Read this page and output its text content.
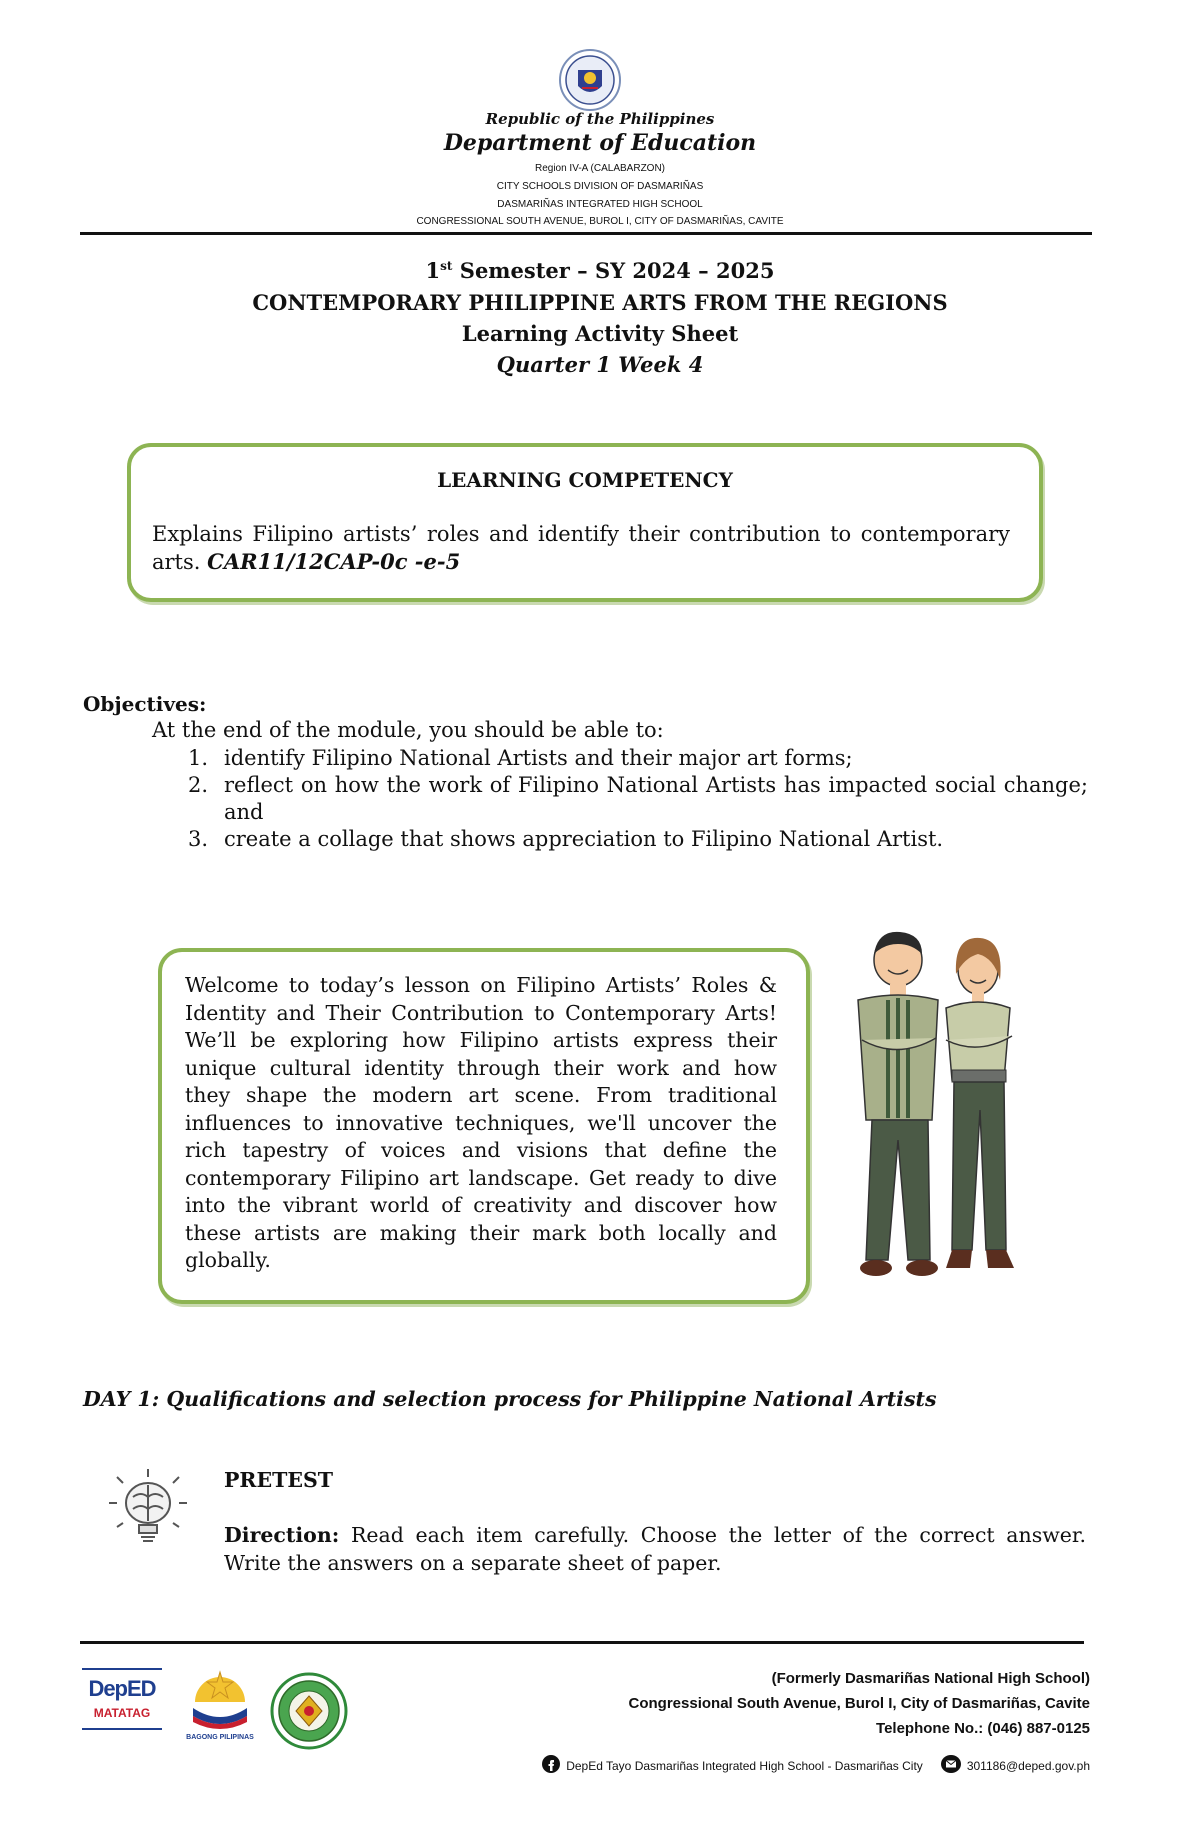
Republic of the Philippines
Department of Education
Region IV-A (CALABARZON)
CITY SCHOOLS DIVISION OF DASMARIÑAS
DASMARIÑAS INTEGRATED HIGH SCHOOL
CONGRESSIONAL SOUTH AVENUE, BUROL I, CITY OF DASMARIÑAS, CAVITE
1st Semester – SY 2024 – 2025
CONTEMPORARY PHILIPPINE ARTS FROM THE REGIONS
Learning Activity Sheet
Quarter 1 Week 4
LEARNING COMPETENCY
Explains Filipino artists’ roles and identify their contribution to contemporary arts. CAR11/12CAP-0c -e-5
Objectives:
At the end of the module, you should be able to:
1. identify Filipino National Artists and their major art forms;
2. reflect on how the work of Filipino National Artists has impacted social change; and
3. create a collage that shows appreciation to Filipino National Artist.
Welcome to today’s lesson on Filipino Artists’ Roles & Identity and Their Contribution to Contemporary Arts! We’ll be exploring how Filipino artists express their unique cultural identity through their work and how they shape the modern art scene. From traditional influences to innovative techniques, we'll uncover the rich tapestry of voices and visions that define the contemporary Filipino art landscape. Get ready to dive into the vibrant world of creativity and discover how these artists are making their mark both locally and globally.
DAY 1: Qualifications and selection process for Philippine National Artists
PRETEST
Direction: Read each item carefully. Choose the letter of the correct answer. Write the answers on a separate sheet of paper.
DepED
MATATAG
BAGONG PILIPINAS
(Formerly Dasmariñas National High School)
Congressional South Avenue, Burol I, City of Dasmariñas, Cavite
Telephone No.: (046) 887-0125
DepEd Tayo Dasmariñas Integrated High School - Dasmariñas City	301186@deped.gov.ph
